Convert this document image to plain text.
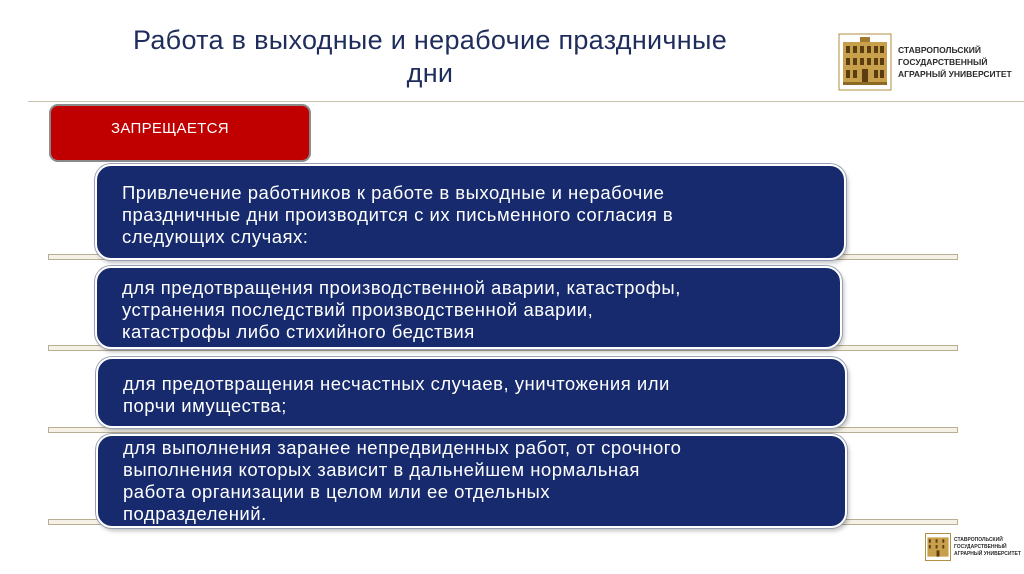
Работа в выходные и нерабочие праздничные
дни
СТАВРОПОЛЬСКИЙ
ГОСУДАРСТВЕННЫЙ
АГРАРНЫЙ УНИВЕРСИТЕТ
ЗАПРЕЩАЕТСЯ
Привлечение работников к работе в выходные и нерабочие
праздничные дни производится с их письменного согласия в
следующих случаях:
для предотвращения производственной аварии, катастрофы,
устранения последствий производственной аварии,
катастрофы либо стихийного бедствия
для предотвращения несчастных случаев, уничтожения или
порчи имущества;
для выполнения заранее непредвиденных работ, от срочного
выполнения которых зависит в дальнейшем нормальная
работа организации в целом или ее отдельных
подразделений.
СТАВРОПОЛЬСКИЙ
ГОСУДАРСТВЕННЫЙ
АГРАРНЫЙ УНИВЕРСИТЕТ
